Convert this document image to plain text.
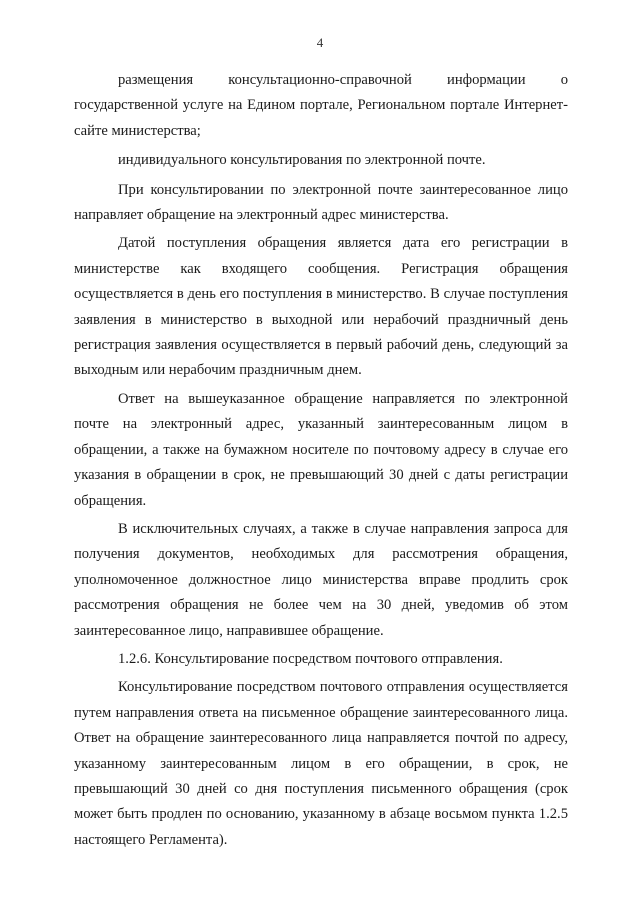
4

размещения консультационно-справочной информации о государственной услуге на Едином портале, Региональном портале Интернет-сайте министерства;

индивидуального консультирования по электронной почте.

При консультировании по электронной почте заинтересованное лицо направляет обращение на электронный адрес министерства.

Датой поступления обращения является дата его регистрации в министерстве как входящего сообщения. Регистрация обращения осуществляется в день его поступления в министерство. В случае поступления заявления в министерство в выходной или нерабочий праздничный день регистрация заявления осуществляется в первый рабочий день, следующий за выходным или нерабочим праздничным днем.

Ответ на вышеуказанное обращение направляется по электронной почте на электронный адрес, указанный заинтересованным лицом в обращении, а также на бумажном носителе по почтовому адресу в случае его указания в обращении в срок, не превышающий 30 дней с даты регистрации обращения.

В исключительных случаях, а также в случае направления запроса для получения документов, необходимых для рассмотрения обращения, уполномоченное должностное лицо министерства вправе продлить срок рассмотрения обращения не более чем на 30 дней, уведомив об этом заинтересованное лицо, направившее обращение.

1.2.6. Консультирование посредством почтового отправления.

Консультирование посредством почтового отправления осуществляется путем направления ответа на письменное обращение заинтересованного лица. Ответ на обращение заинтересованного лица направляется почтой по адресу, указанному заинтересованным лицом в его обращении, в срок, не превышающий 30 дней со дня поступления письменного обращения (срок может быть продлен по основанию, указанному в абзаце восьмом пункта 1.2.5 настоящего Регламента).
